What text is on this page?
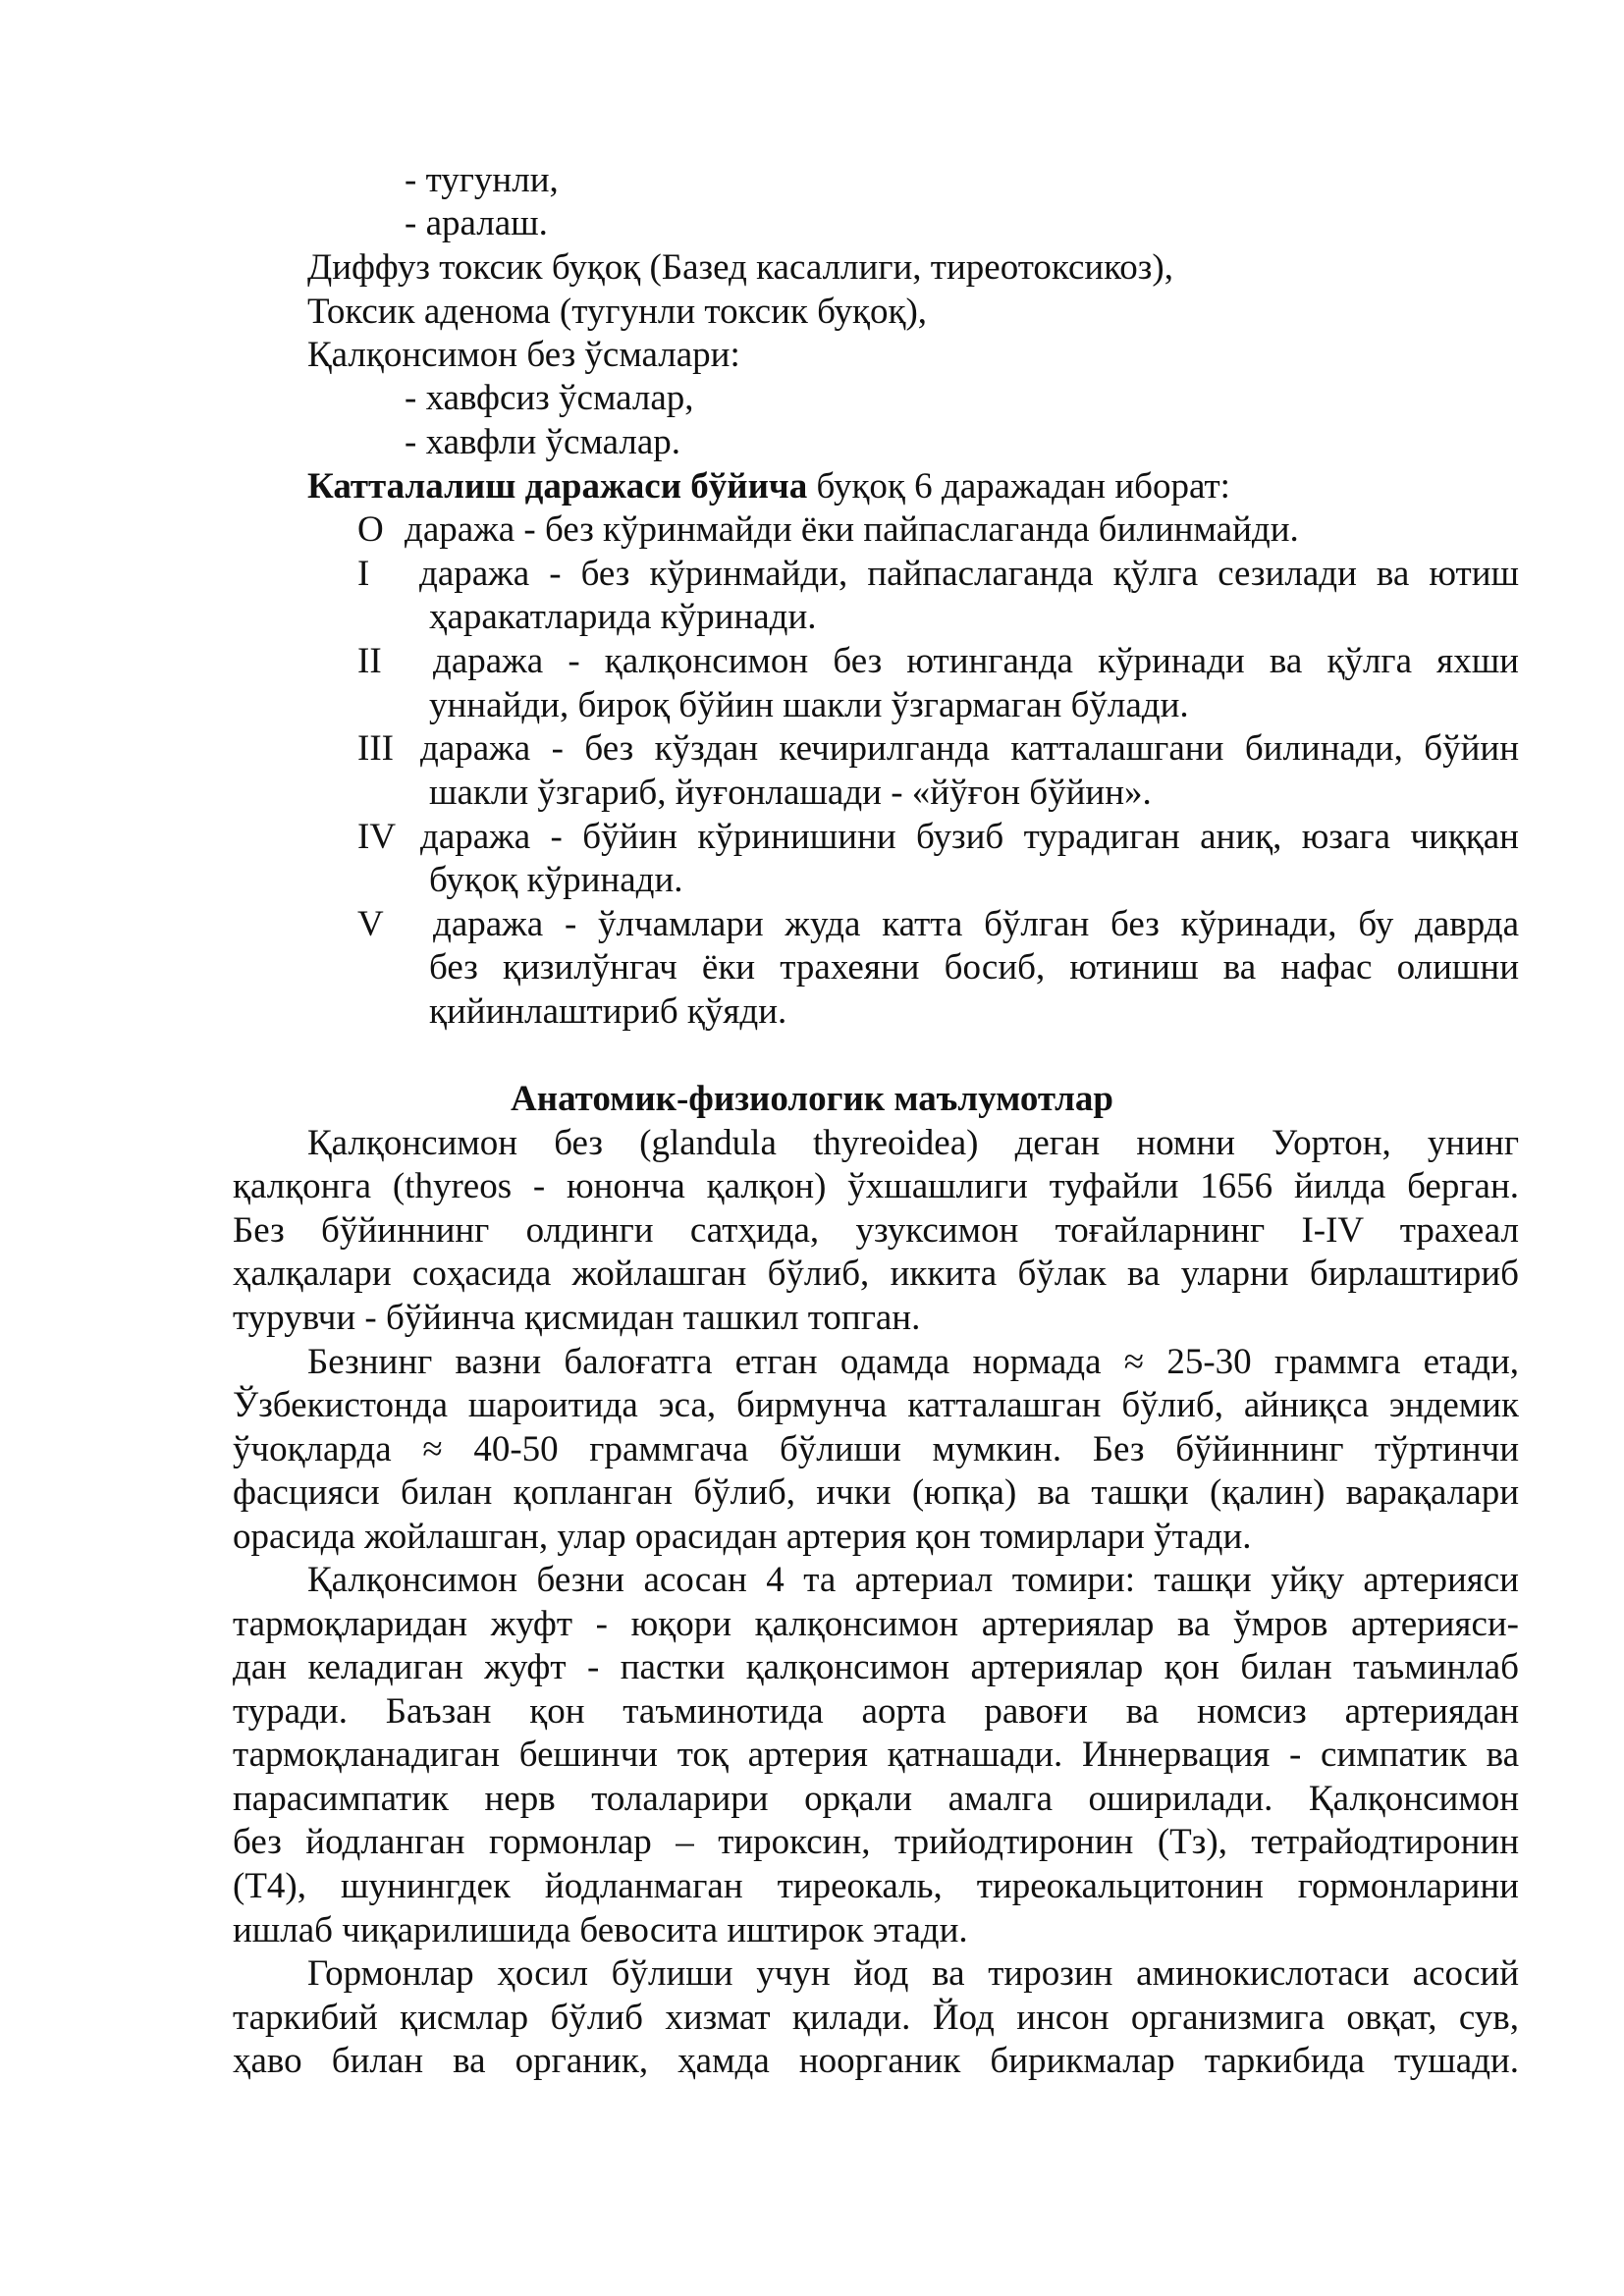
- тугунли,
- аралаш.
Диффуз токсик буқоқ (Базед касаллиги, тиреотоксикоз),
Токсик аденома (тугунли токсик буқоқ),
Қалқонсимон без ўсмалари:
- хавфсиз ўсмалар,
- хавфли ўсмалар.
Катталалиш даражаси бўйича буқоқ 6 даражадан иборат:
О даража - без кўринмайди ёки пайпаслаганда билинмайди.
I даража - без кўринмайди, пайпаслаганда қўлга сезилади ва ютиш
ҳаракатларида кўринади.
II даража - қалқонсимон без ютинганда кўринади ва қўлга яхши
уннайди, бироқ бўйин шакли ўзгармаган бўлади.
III даража - без кўздан кечирилганда катталашгани билинади, бўйин
шакли ўзгариб, йуғонлашади - «йўғон бўйин».
IV даража - бўйин кўринишини бузиб турадиган аниқ, юзага чиққан
буқоқ кўринади.
V даража - ўлчамлари жуда катта бўлган без кўринади, бу даврда
без қизилўнгач ёки трахеяни босиб, ютиниш ва нафас олишни
қийинлаштириб қўяди.
Анатомик-физиологик маълумотлар
Қалқонсимон без (glandula thyreoidea) деган номни Уортон, унинг
қалқонга (thyreos - юнонча қалқон) ўхшашлиги туфайли 1656 йилда берган.
Без бўйиннинг олдинги сатҳида, узуксимон тоғайларнинг I-IV трахеал
ҳалқалари соҳасида жойлашган бўлиб, иккита бўлак ва уларни бирлаштириб
турувчи - бўйинча қисмидан ташкил топган.
Безнинг вазни балоғатга етган одамда нормада ≈ 25-30 граммга етади,
Ўзбекистонда шароитида эса, бирмунча катталашган бўлиб, айниқса эндемик
ўчоқларда ≈ 40-50 граммгача бўлиши мумкин. Без бўйиннинг тўртинчи
фасцияси билан қопланган бўлиб, ички (юпқа) ва ташқи (қалин) варақалари
орасида жойлашган, улар орасидан артерия қон томирлари ўтади.
Қалқонсимон безни асосан 4 та артериал томири: ташқи уйқу артерияси
тармоқларидан жуфт - юқори қалқонсимон артериялар ва ўмров артерияси-
дан келадиган жуфт - пастки қалқонсимон артериялар қон билан таъминлаб
туради. Баъзан қон таъминотида аорта равоғи ва номсиз артериядан
тармоқланадиган бешинчи тоқ артерия қатнашади. Иннервация - симпатик ва
парасимпатик нерв толаларири орқали амалга оширилади. Қалқонсимон
без йодланган гормонлар – тироксин, трийодтиронин (Тз), тетрайодтиронин
(Т4), шунингдек йодланмаган тиреокаль, тиреокальцитонин гормонларини
ишлаб чиқарилишида бевосита иштирок этади.
Гормонлар ҳосил бўлиши учун йод ва тирозин аминокислотаси асосий
таркибий қисмлар бўлиб хизмат қилади. Йод инсон организмига овқат, сув,
ҳаво билан ва органик, ҳамда ноорганик бирикмалар таркибида тушади.
